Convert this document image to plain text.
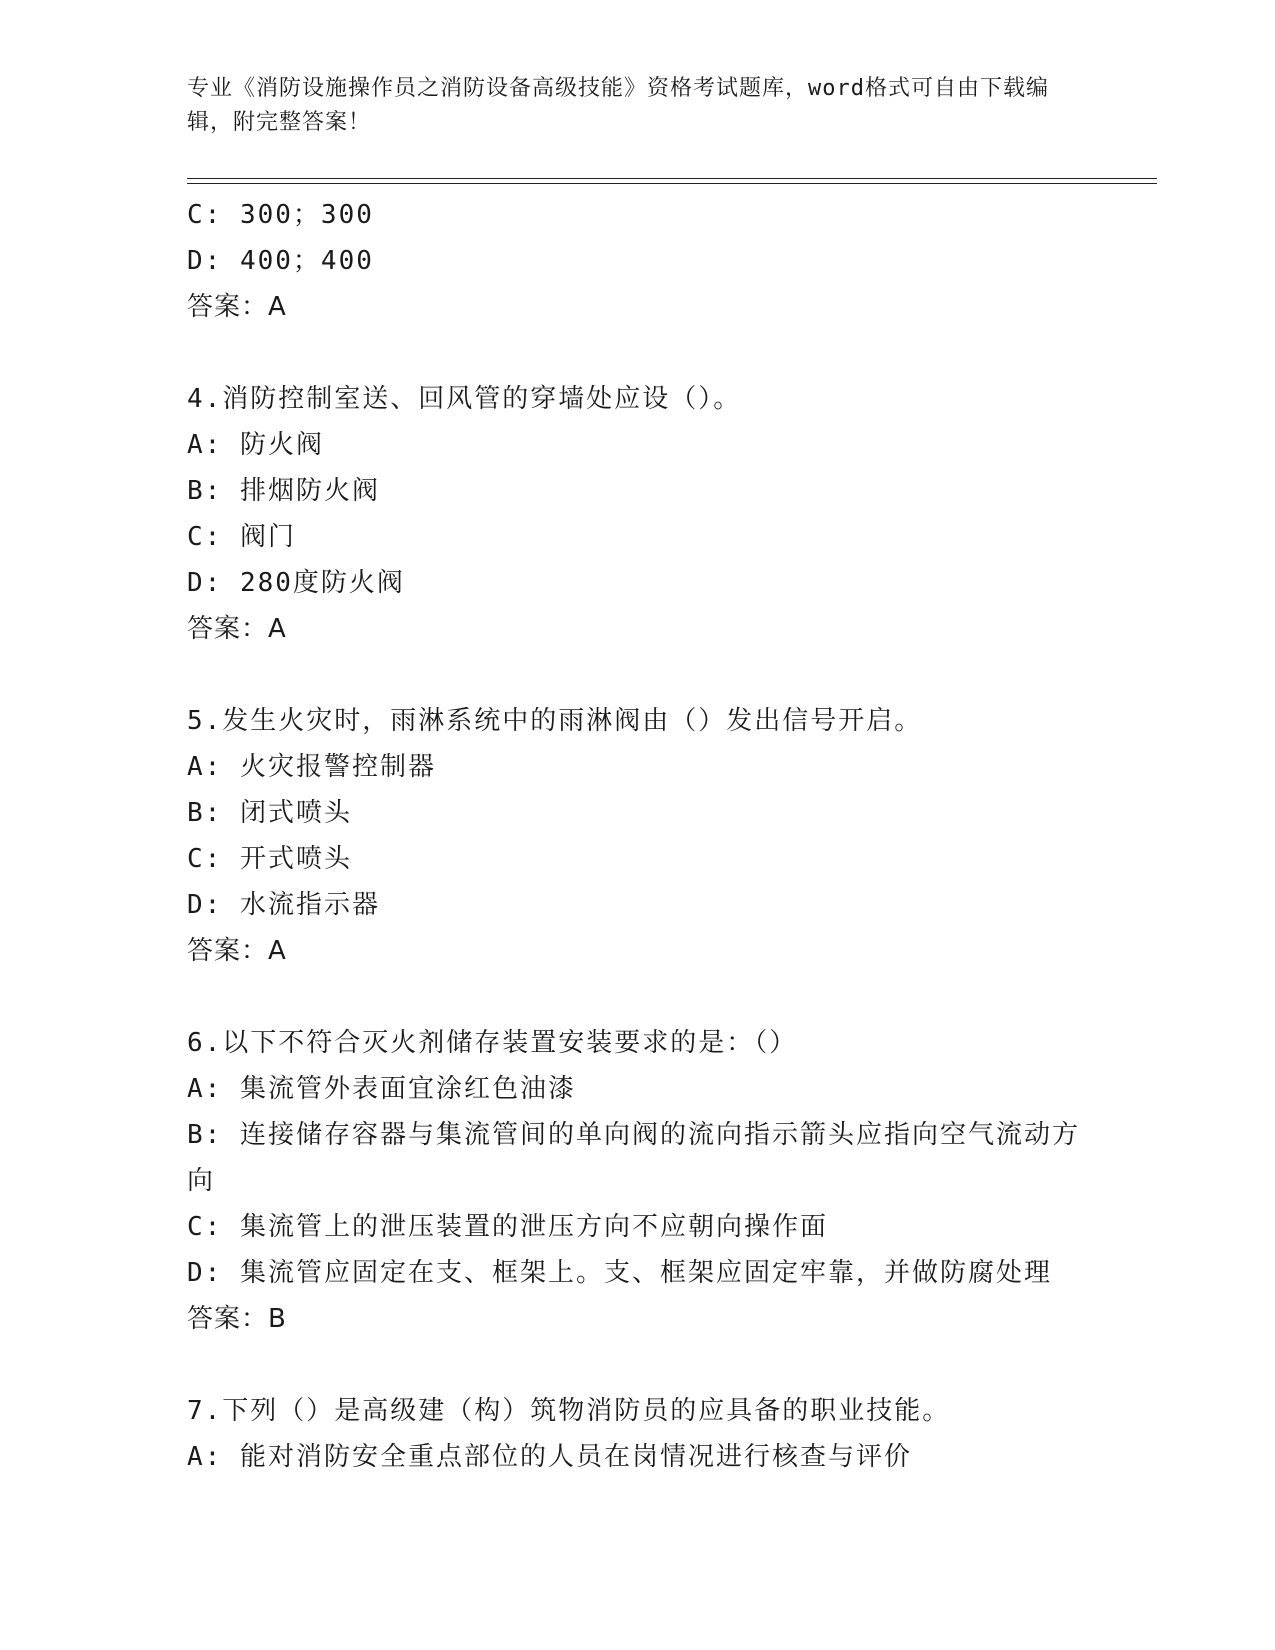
专业《消防设施操作员之消防设备高级技能》资格考试题库，word格式可自由下载编辑，附完整答案！
C: 300；300
D: 400；400
答案：A
4.消防控制室送、回风管的穿墙处应设（）。
A: 防火阀
B: 排烟防火阀
C: 阀门
D: 280度防火阀
答案：A
5.发生火灾时，雨淋系统中的雨淋阀由（）发出信号开启。
A: 火灾报警控制器
B: 闭式喷头
C: 开式喷头
D: 水流指示器
答案：A
6.以下不符合灭火剂储存装置安装要求的是：（）
A: 集流管外表面宜涂红色油漆
B: 连接储存容器与集流管间的单向阀的流向指示箭头应指向空气流动方向
C: 集流管上的泄压装置的泄压方向不应朝向操作面
D: 集流管应固定在支、框架上。支、框架应固定牢靠，并做防腐处理
答案：B
7.下列（）是高级建（构）筑物消防员的应具备的职业技能。
A: 能对消防安全重点部位的人员在岗情况进行核查与评价
